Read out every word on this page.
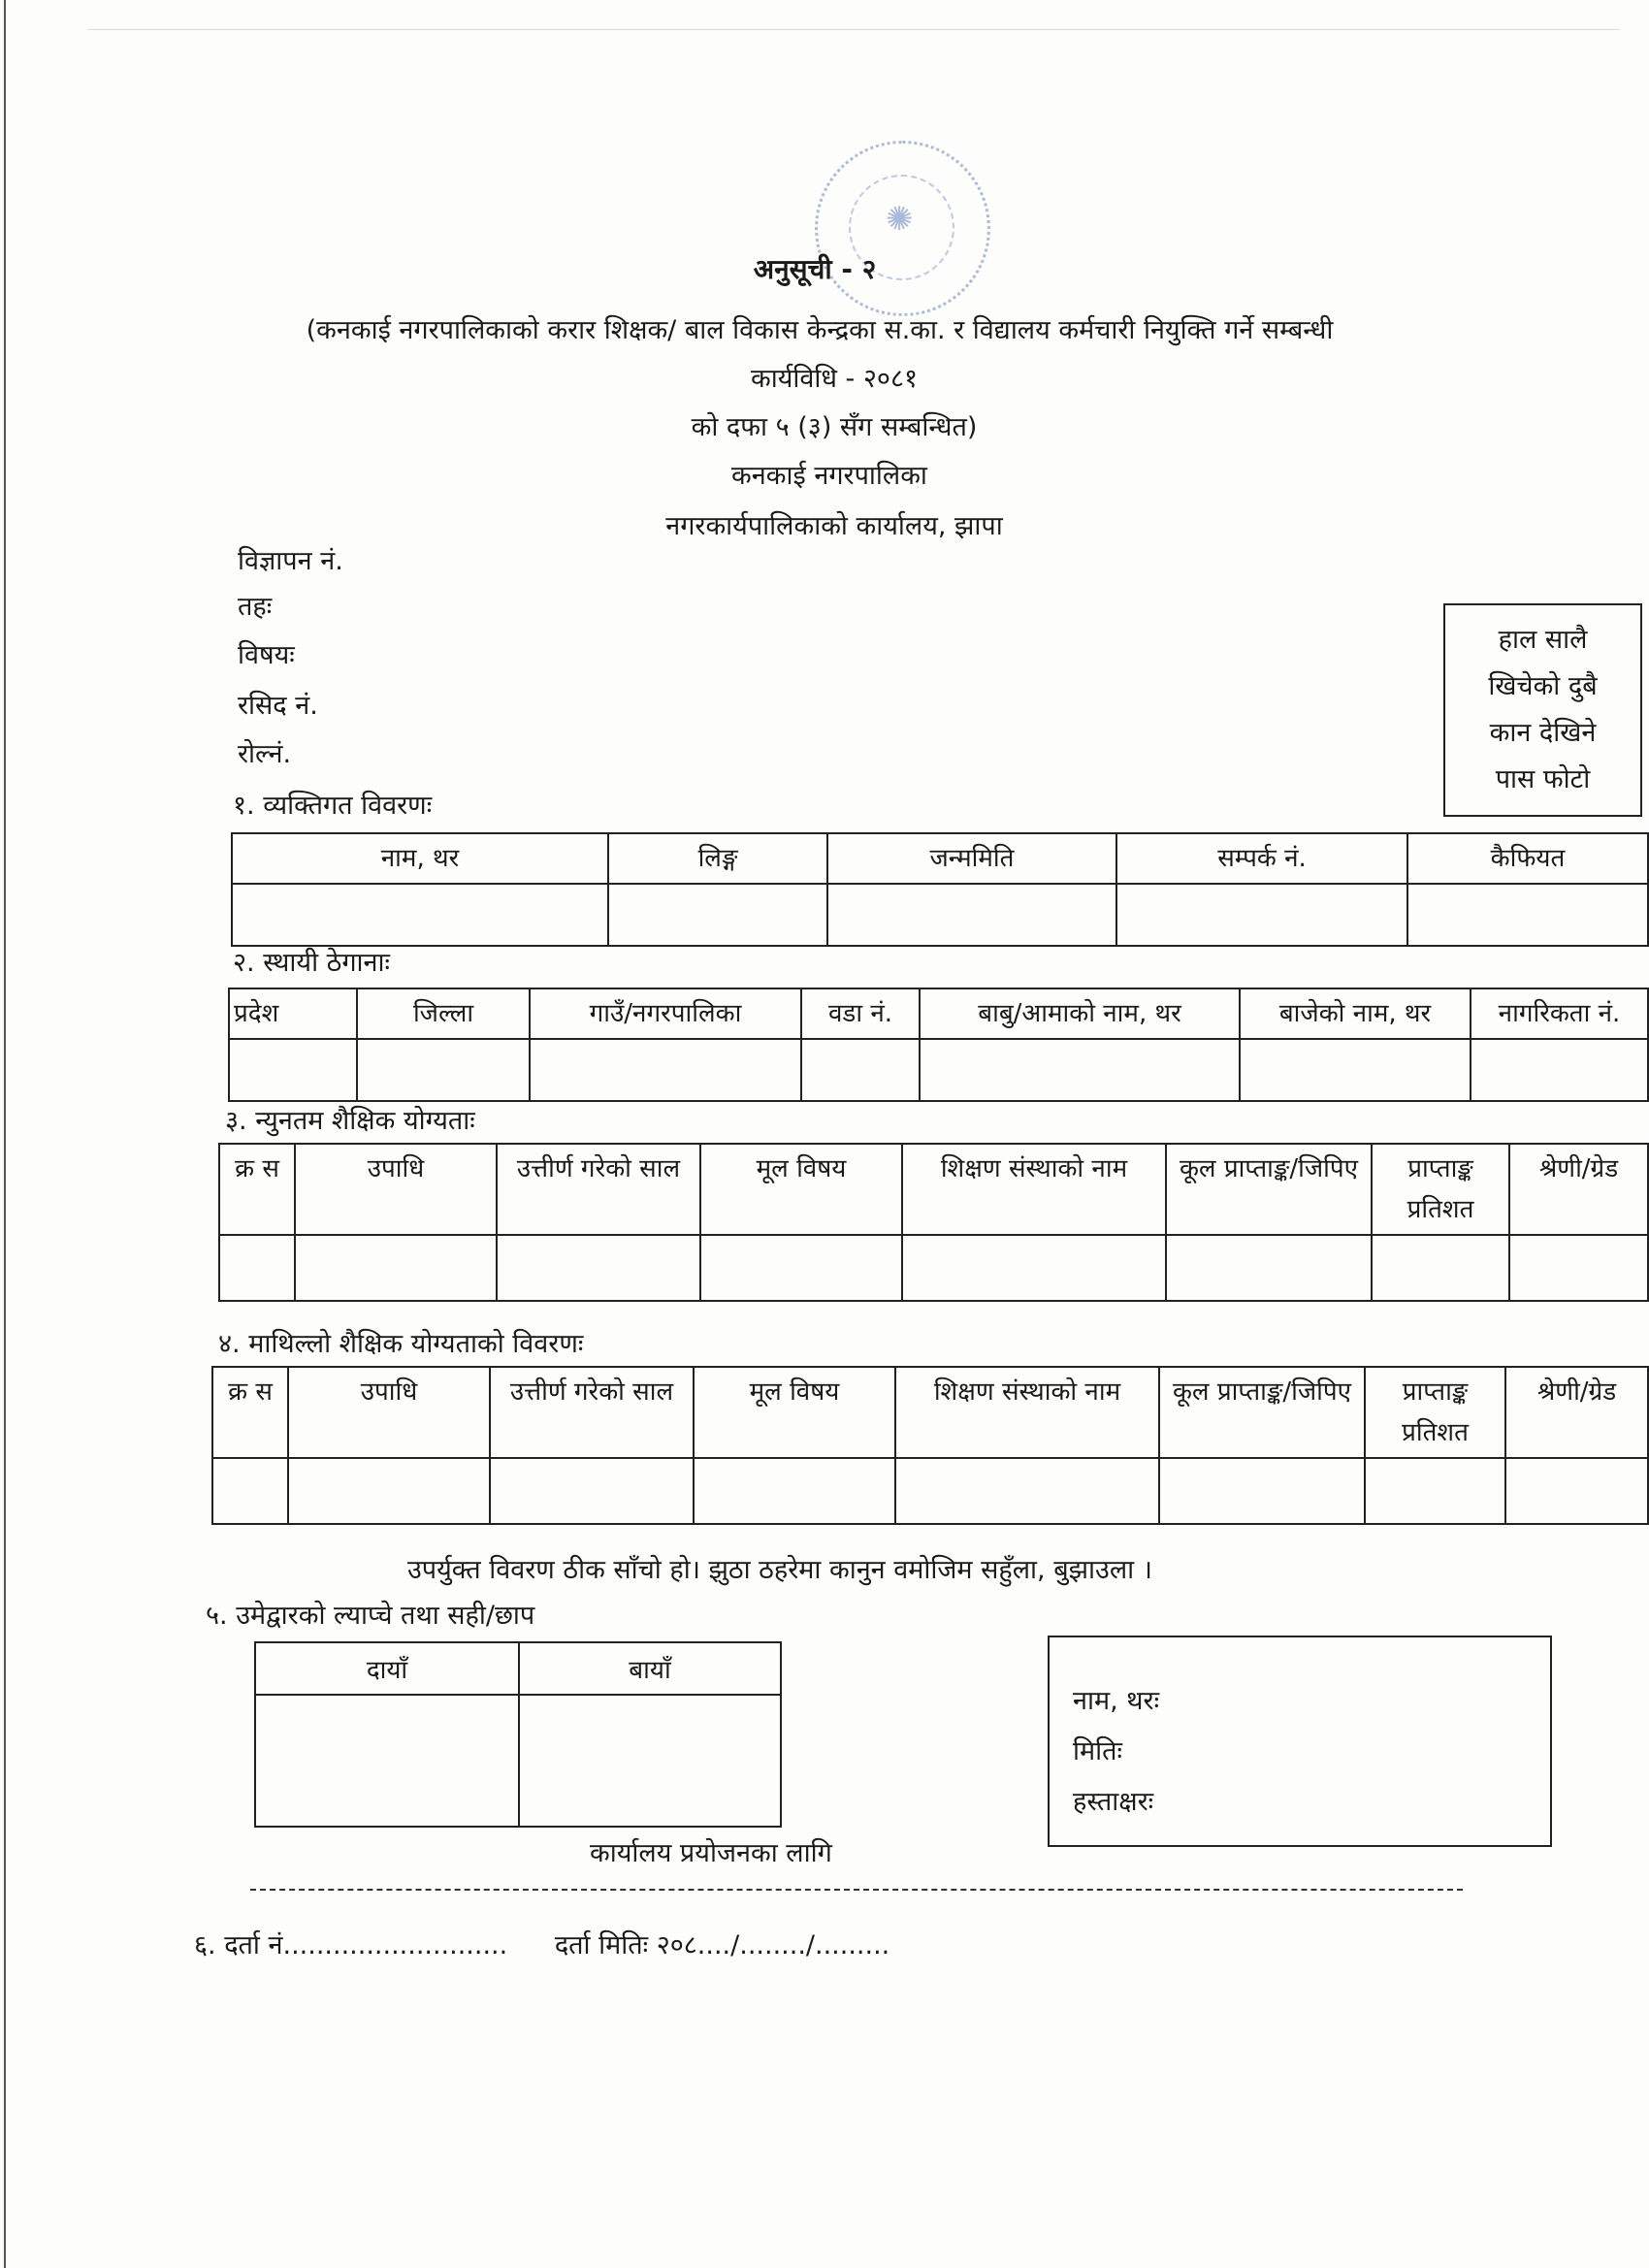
✺
अनुसूची - २
(कनकाई नगरपालिकाको करार शिक्षक/ बाल विकास केन्द्रका स.का. र विद्यालय कर्मचारी नियुक्ति गर्ने सम्बन्धी
कार्यविधि - २०८१
को दफा ५ (३) सँग सम्बन्धित)
कनकाई नगरपालिका
नगरकार्यपालिकाको कार्यालय, झापा
विज्ञापन नं.
तहः
विषयः
रसिद नं.
रोल्नं.
हाल सालै
खिचेको दुबै
कान देखिने
पास फोटो
१. व्यक्तिगत विवरणः
नाम, थर	लिङ्ग	जन्ममिति	सम्पर्क नं.	कैफियत

२. स्थायी ठेगानाः
प्रदेश	जिल्ला	गाउँ/नगरपालिका	वडा नं.	बाबु/आमाको नाम, थर	बाजेको नाम, थर	नागरिकता नं.

३. न्युनतम शैक्षिक योग्यताः
क्र स	उपाधि	उत्तीर्ण गरेको साल	मूल विषय	शिक्षण संस्थाको नाम	कूल प्राप्ताङ्क/जिपिए	प्राप्ताङ्क प्रतिशत	श्रेणी/ग्रेड

४. माथिल्लो शैक्षिक योग्यताको विवरणः
क्र स	उपाधि	उत्तीर्ण गरेको साल	मूल विषय	शिक्षण संस्थाको नाम	कूल प्राप्ताङ्क/जिपिए	प्राप्ताङ्क प्रतिशत	श्रेणी/ग्रेड

उपर्युक्त विवरण ठीक साँचो हो। झुठा ठहरेमा कानुन वमोजिम सहुँला, बुझाउला ।
५. उमेद्वारको ल्याप्चे तथा सही/छाप
दायाँ	बायाँ

नाम, थरः
मितिः
हस्ताक्षरः
कार्यालय प्रयोजनका लागि
६. दर्ता नं........................... दर्ता मितिः २०८..../......../.........
